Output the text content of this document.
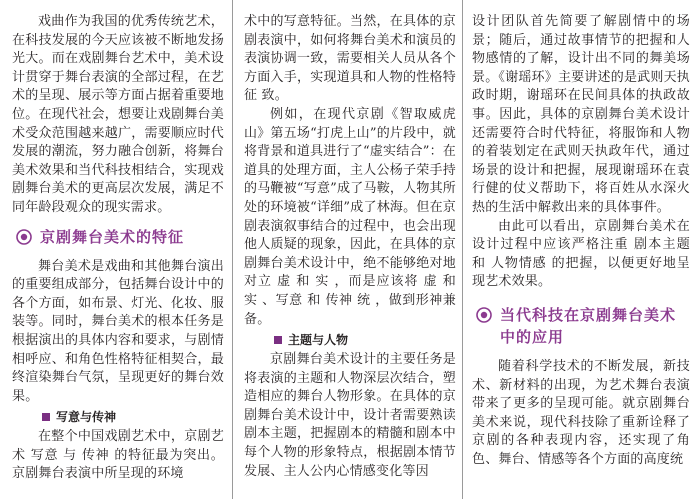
戏曲作为我国的优秀传统艺术，在科技发展的今天应该被不断地发扬光大。而在戏剧舞台艺术中，美术设计贯穿于舞台表演的全部过程，在艺术的呈现、展示等方面占据着重要地位。在现代社会，想要让戏剧舞台美术受众范围越来越广，需要顺应时代发展的潮流，努力融合创新，将舞台美术效果和当代科技相结合，实现戏剧舞台美术的更高层次发展，满足不同年龄段观众的现实需求。

京剧舞台美术的特征

舞台美术是戏曲和其他舞台演出的重要组成部分，包括舞台设计中的各个方面，如布景、灯光、化妆、服装等。同时，舞台美术的根本任务是根据演出的具体内容和要求，与剧情相呼应、和角色性格特征相契合，最终渲染舞台气氛，呈现更好的舞台效果。

写意与传神

在整个中国戏剧艺术中，京剧艺术 写意 与 传神 的特征最为突出。京剧舞台表演中所呈现的环境

术中的写意特征。当然，在具体的京剧表演中，如何将舞台美术和演员的表演协调一致，需要相关人员从各个方面入手，实现道具和人物的性格特征 致。

例如，在现代京剧《智取威虎山》第五场“打虎上山”的片段中，就将背景和道具进行了“虚实结合”：在道具的处理方面，主人公杨子荣手持的马鞭被“写意”成了马鞍，人物其所处的环境被“详细”成了林海。但在京剧表演叙事结合的过程中，也会出现他人质疑的现象，因此，在具体的京剧舞台美术设计中，绝不能够绝对地对立 虚 和 实 ，而是应该将 虚 和 实 、写意 和 传神 统 ，做到形神兼备。

主题与人物

京剧舞台美术设计的主要任务是将表演的主题和人物深层次结合，塑造相应的舞台人物形象。在具体的京剧舞台美术设计中，设计者需要熟读剧本主题，把握剧本的精髓和剧本中每个人物的形象特点，根据剧本情节发展、主人公内心情感变化等因

设计团队首先简要了解剧情中的场景；随后，通过故事情节的把握和人物感情的了解，设计出不同的舞美场景。《谢瑶环》主要讲述的是武则天执政时期，谢瑶环在民间具体的执政故事。因此，具体的京剧舞台美术设计还需要符合时代特征，将服饰和人物的着装划定在武则天执政年代，通过场景的设计和把握，展现谢瑶环在袁行健的仗义帮助下，将百姓从水深火热的生活中解救出来的具体事件。

由此可以看出，京剧舞台美术在设计过程中应该严格注重 剧本主题 和 人物情感 的把握，以便更好地呈现艺术效果。

当代科技在京剧舞台美术中的应用

随着科学技术的不断发展，新技术、新材料的出现，为艺术舞台表演带来了更多的呈现可能。就京剧舞台美术来说，现代科技除了重新诠释了京剧的各种表现内容，还实现了角色、舞台、情感等各个方面的高度统
